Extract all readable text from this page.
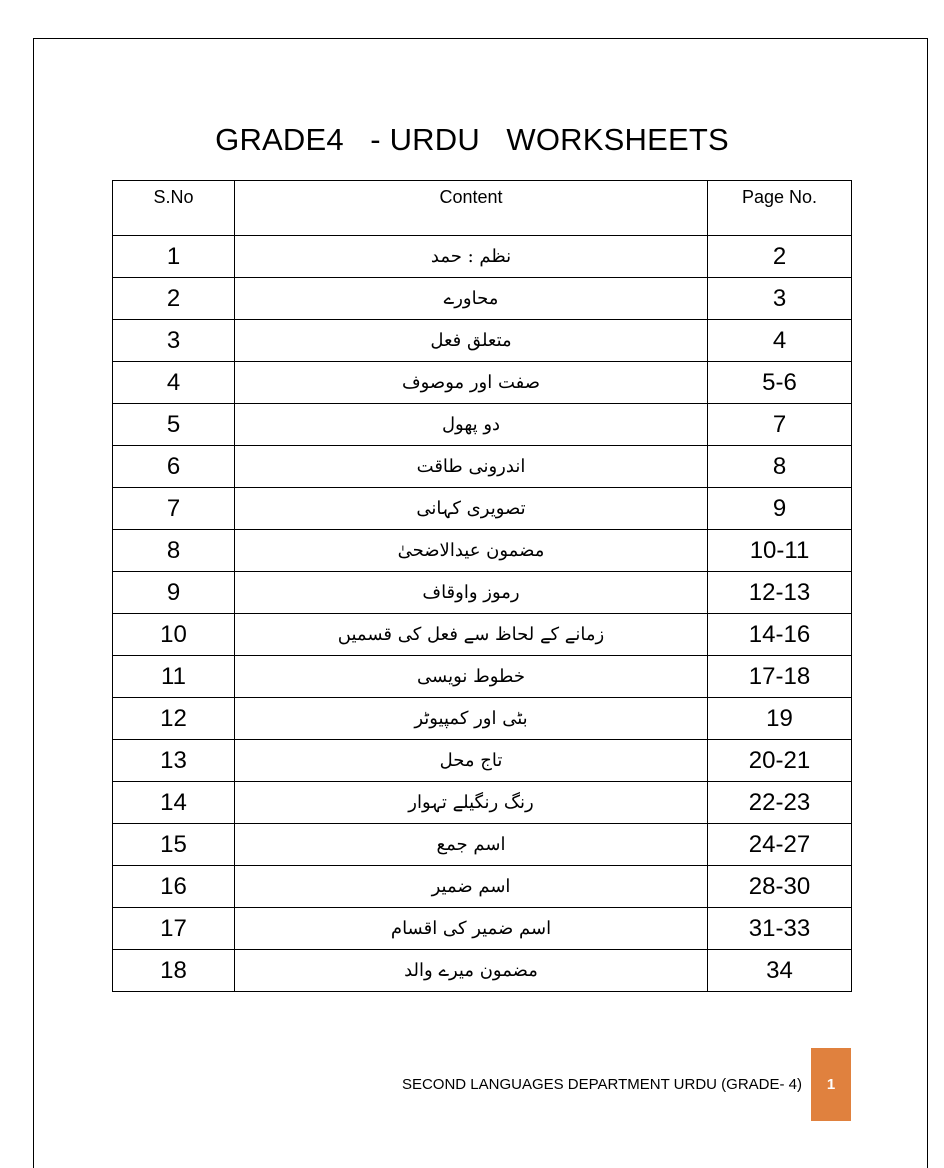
GRADE4   - URDU   WORKSHEETS
S.No	Content	Page No.
1	نظم : حمد	2
2	محاورے	3
3	متعلق فعل	4
4	صفت اور موصوف	5-6
5	دو پھول	7
6	اندرونی طاقت	8
7	تصویری کہانی	9
8	مضمون عیدالاضحیٰ	10-11
9	رموز واوقاف	12-13
10	زمانے کے لحاظ سے فعل کی قسمیں	14-16
11	خطوط نویسی	17-18
12	بٹی اور کمپیوٹر	19
13	تاج محل	20-21
14	رنگ رنگیلے تہوار	22-23
15	اسم جمع	24-27
16	اسم ضمیر	28-30
17	اسم ضمیر کی اقسام	31-33
18	مضمون میرے والد	34
SECOND LANGUAGES DEPARTMENT URDU (GRADE- 4)	1
